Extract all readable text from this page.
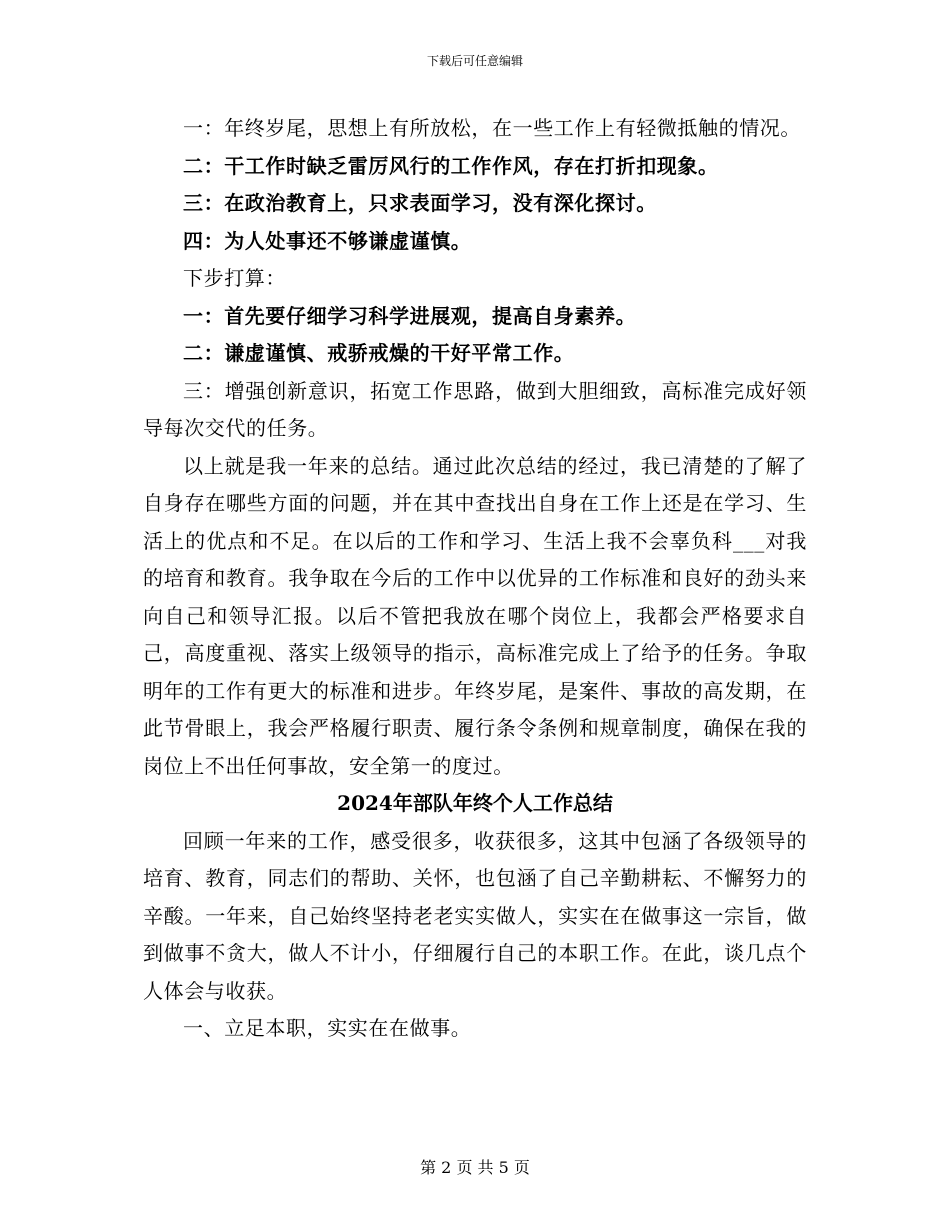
下载后可任意编辑

一：年终岁尾，思想上有所放松，在一些工作上有轻微抵触的情况。

二：干工作时缺乏雷厉风行的工作作风，存在打折扣现象。

三：在政治教育上，只求表面学习，没有深化探讨。

四：为人处事还不够谦虚谨慎。

下步打算：

一：首先要仔细学习科学进展观，提高自身素养。

二：谦虚谨慎、戒骄戒燥的干好平常工作。

三：增强创新意识，拓宽工作思路，做到大胆细致，高标准完成好领导每次交代的任务。

以上就是我一年来的总结。通过此次总结的经过，我已清楚的了解了自身存在哪些方面的问题，并在其中查找出自身在工作上还是在学习、生活上的优点和不足。在以后的工作和学习、生活上我不会辜负科___对我的培育和教育。我争取在今后的工作中以优异的工作标准和良好的劲头来向自己和领导汇报。以后不管把我放在哪个岗位上，我都会严格要求自己，高度重视、落实上级领导的指示，高标准完成上了给予的任务。争取明年的工作有更大的标准和进步。年终岁尾，是案件、事故的高发期，在此节骨眼上，我会严格履行职责、履行条令条例和规章制度，确保在我的岗位上不出任何事故，安全第一的度过。

2024年部队年终个人工作总结

回顾一年来的工作，感受很多，收获很多，这其中包涵了各级领导的培育、教育，同志们的帮助、关怀，也包涵了自己辛勤耕耘、不懈努力的辛酸。一年来，自己始终坚持老老实实做人，实实在在做事这一宗旨，做到做事不贪大，做人不计小，仔细履行自己的本职工作。在此，谈几点个人体会与收获。

一、立足本职，实实在在做事。

第 2 页 共 5 页
